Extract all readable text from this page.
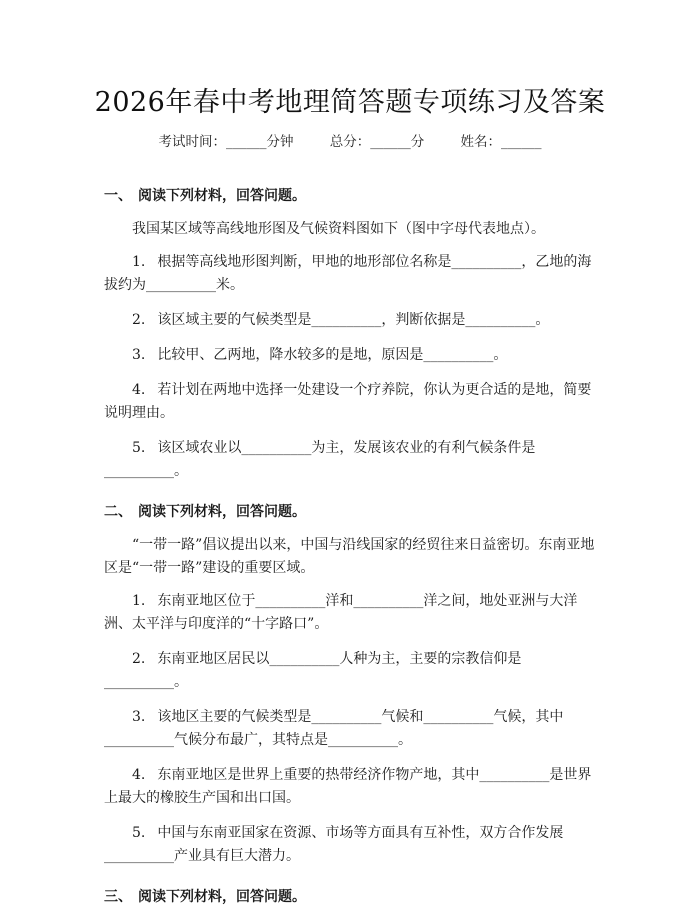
2026年春中考地理简答题专项练习及答案
考试时间：______分钟	总分：______分	姓名：______
一、 阅读下列材料，回答问题。

我国某区域等高线地形图及气候资料图如下（图中字母代表地点）。

1. 根据等高线地形图判断，甲地的地形部位名称是__________，乙地的海拔约为__________米。

2. 该区域主要的气候类型是__________，判断依据是__________。

3. 比较甲、乙两地，降水较多的是地，原因是__________。

4. 若计划在两地中选择一处建设一个疗养院，你认为更合适的是地，简要说明理由。

5. 该区域农业以__________为主，发展该农业的有利气候条件是__________。

二、 阅读下列材料，回答问题。

“一带一路”倡议提出以来，中国与沿线国家的经贸往来日益密切。东南亚地区是“一带一路”建设的重要区域。

1. 东南亚地区位于__________洋和__________洋之间，地处亚洲与大洋洲、太平洋与印度洋的“十字路口”。

2. 东南亚地区居民以__________人种为主，主要的宗教信仰是__________。

3. 该地区主要的气候类型是__________气候和__________气候，其中__________气候分布最广，其特点是__________。

4. 东南亚地区是世界上重要的热带经济作物产地，其中__________是世界上最大的橡胶生产国和出口国。

5. 中国与东南亚国家在资源、市场等方面具有互补性，双方合作发展__________产业具有巨大潜力。

三、 阅读下列材料，回答问题。
